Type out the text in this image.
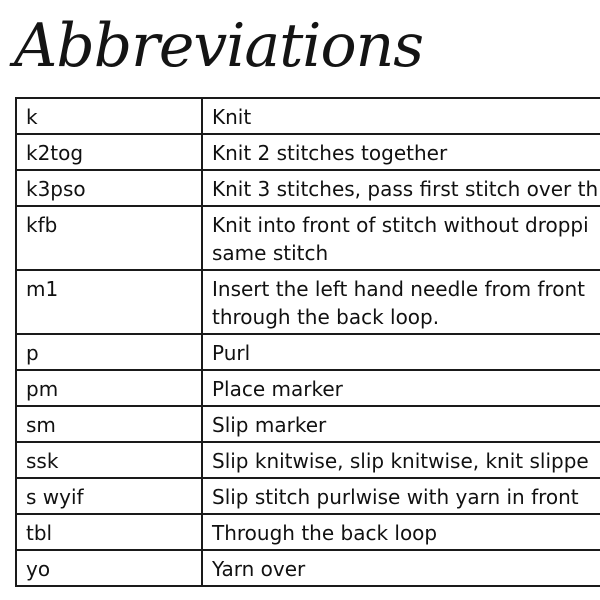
Abbreviations
k	Knit

k2tog	Knit 2 stitches together

k3pso	Knit 3 stitches, pass first stitch over th

kfb	Knit into front of stitch without droppi
same stitch

m1	Insert the left hand needle from front
through the back loop.

p	Purl

pm	Place marker

sm	Slip marker

ssk	Slip knitwise, slip knitwise, knit slippe

s wyif	Slip stitch purlwise with yarn in front

tbl	Through the back loop

yo	Yarn over
